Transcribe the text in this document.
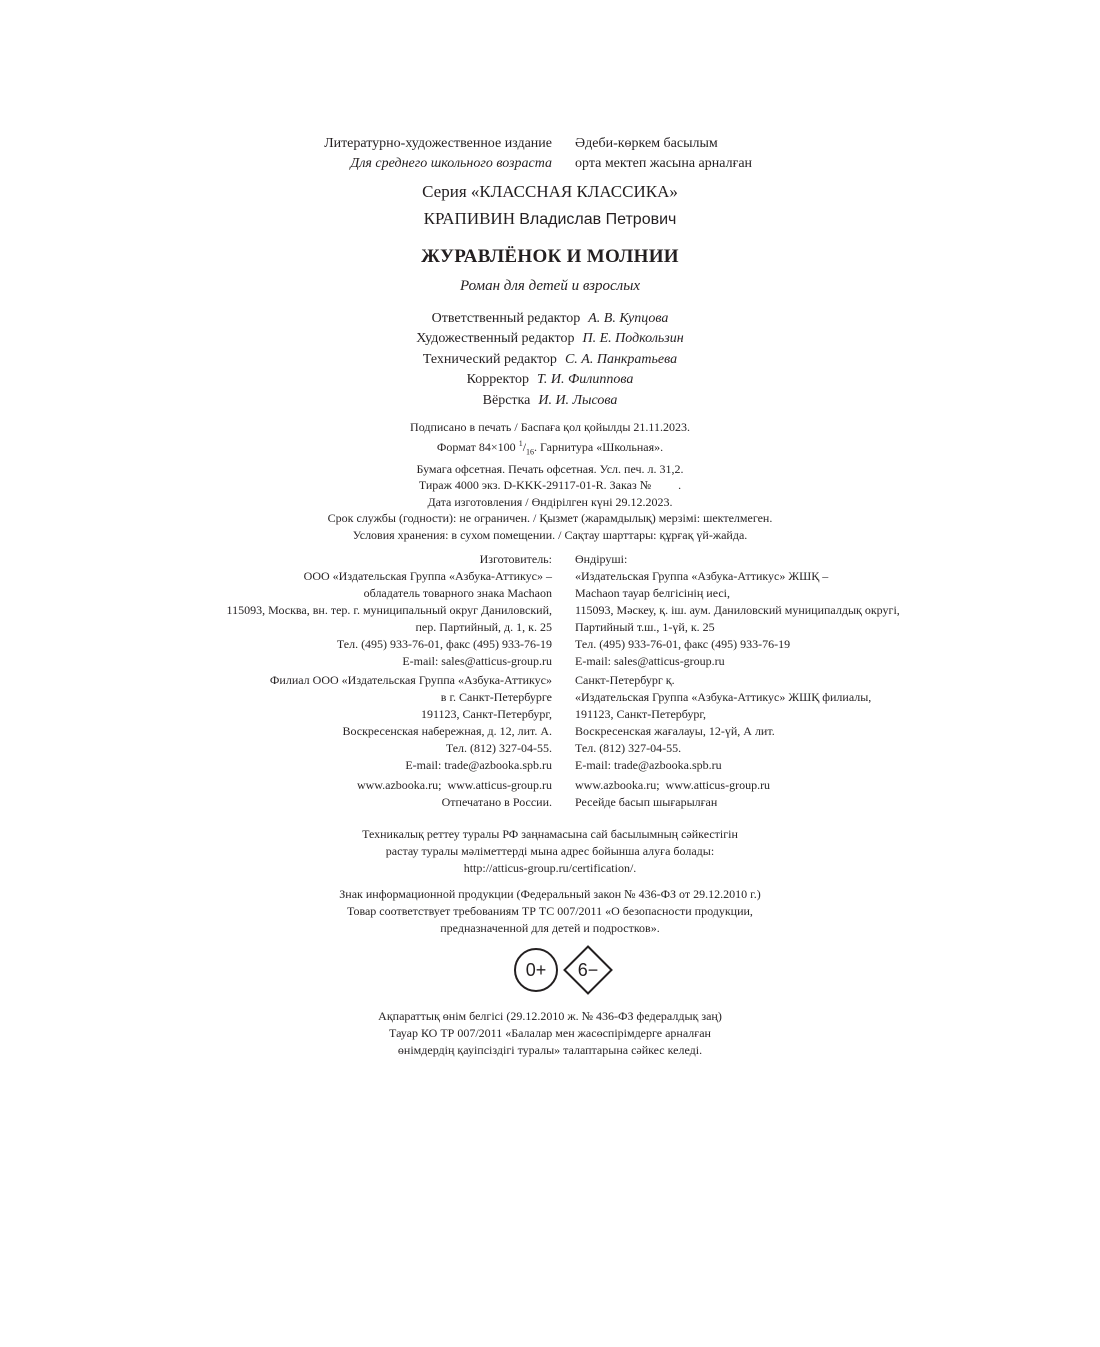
Литературно-художественное издание
Для среднего школьного возраста
Әдеби-көркем басылым
орта мектеп жасына арналған
Серия «КЛАССНАЯ КЛАССИКА»
КРАПИВИН Владислав Петрович
ЖУРАВЛЁНОК И МОЛНИИ
Роман для детей и взрослых
Ответственный редактор А. В. Купцова
Художественный редактор П. Е. Подкользин
Технический редактор С. А. Панкратьева
Корректор Т. И. Филиппова
Вёрстка И. И. Лысова
Подписано в печать / Баспаға қол қойылды 21.11.2023.
Формат 84×100 $^1/_{16}$. Гарнитура «Школьная».
Бумага офсетная. Печать офсетная. Усл. печ. л. 31,2.
Тираж 4000 экз. D-KKK-29117-01-R. Заказ №         .
Дата изготовления / Өндірілген күні 29.12.2023.
Срок службы (годности): не ограничен. / Қызмет (жарамдылық) мерзімі: шектелмеген.
Условия хранения: в сухом помещении. / Сақтау шарттары: құрғақ үй-жайда.
Изготовитель:
ООО «Издательская Группа «Азбука-Аттикус» –
обладатель товарного знака Machaon
115093, Москва, вн. тер. г. муниципальный округ Даниловский,
пер. Партийный, д. 1, к. 25
Тел. (495) 933-76-01, факс (495) 933-76-19
E-mail: sales@atticus-group.ru
Өндіруші:
«Издательская Группа «Азбука-Аттикус» ЖШҚ –
Machaon тауар белгісінің иесі,
115093, Мәскеу, қ. іш. аум. Даниловский муниципалдық округі,
Партийный т.ш., 1-үй, к. 25
Тел. (495) 933-76-01, факс (495) 933-76-19
E-mail: sales@atticus-group.ru
Филиал ООО «Издательская Группа «Азбука-Аттикус»
в г. Санкт-Петербурге
191123, Санкт-Петербург,
Воскресенская набережная, д. 12, лит. А.
Тел. (812) 327-04-55.
E-mail: trade@azbooka.spb.ru
Санкт-Петербург қ.
«Издательская Группа «Азбука-Аттикус» ЖШҚ филиалы,
191123, Санкт-Петербург,
Воскресенская жағалауы, 12-үй, А лит.
Тел. (812) 327-04-55.
E-mail: trade@azbooka.spb.ru
www.azbooka.ru;  www.atticus-group.ru
Отпечатано в России.
www.azbooka.ru;  www.atticus-group.ru
Ресейде басып шығарылған
Техникалық реттеу туралы РФ заңнамасына сай басылымның сәйкестігін
растау туралы мәліметтерді мына адрес бойынша алуға болады:
http://atticus-group.ru/certification/.
Знак информационной продукции (Федеральный закон № 436-ФЗ от 29.12.2010 г.)
Товар соответствует требованиям ТР ТС 007/2011 «О безопасности продукции,
предназначенной для детей и подростков».
0+	6−
Ақпараттық өнім белгісі (29.12.2010 ж. № 436-ФЗ федералдық заң)
Тауар КО ТР 007/2011 «Балалар мен жасөспірімдерге арналған
өнімдердің қауіпсіздігі туралы» талаптарына сәйкес келеді.
